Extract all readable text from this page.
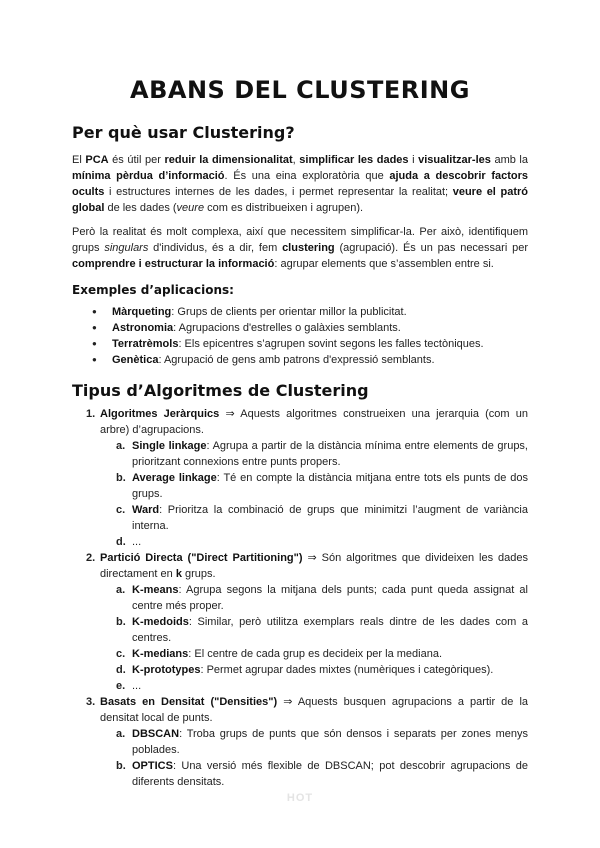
ABANS DEL CLUSTERING
Per què usar Clustering?

El PCA és útil per reduir la dimensionalitat, simplificar les dades i visualitzar-les amb la mínima pèrdua d’informació. És una eina exploratòria que ajuda a descobrir factors ocults i estructures internes de les dades, i permet representar la realitat; veure el patró global de les dades (veure com es distribueixen i agrupen).

Però la realitat és molt complexa, així que necessitem simplificar-la. Per això, identifiquem grups singulars d'individus, és a dir, fem clustering (agrupació). És un pas necessari per comprendre i estructurar la informació: agrupar elements que s’assemblen entre si.

Exemples d’aplicacions:
● Màrqueting: Grups de clients per orientar millor la publicitat.
● Astronomia: Agrupacions d'estrelles o galàxies semblants.
● Terratrèmols: Els epicentres s’agrupen sovint segons les falles tectòniques.
● Genètica: Agrupació de gens amb patrons d'expressió semblants.
Tipus d’Algoritmes de Clustering
1. Algoritmes Jeràrquics ⇒ Aquests algoritmes construeixen una jerarquia (com un arbre) d’agrupacions.
a. Single linkage: Agrupa a partir de la distància mínima entre elements de grups, prioritzant connexions entre punts propers.
b. Average linkage: Té en compte la distància mitjana entre tots els punts de dos grups.
c. Ward: Prioritza la combinació de grups que minimitzi l’augment de variància interna.
d. ...
2. Partició Directa ("Direct Partitioning") ⇒ Són algoritmes que divideixen les dades directament en k grups.
a. K-means: Agrupa segons la mitjana dels punts; cada punt queda assignat al centre més proper.
b. K-medoids: Similar, però utilitza exemplars reals dintre de les dades com a centres.
c. K-medians: El centre de cada grup es decideix per la mediana.
d. K-prototypes: Permet agrupar dades mixtes (numèriques i categòriques).
e. ...
3. Basats en Densitat ("Densities") ⇒ Aquests busquen agrupacions a partir de la densitat local de punts.
a. DBSCAN: Troba grups de punts que són densos i separats per zones menys poblades.
b. OPTICS: Una versió més flexible de DBSCAN; pot descobrir agrupacions de diferents densitats.
HOT
